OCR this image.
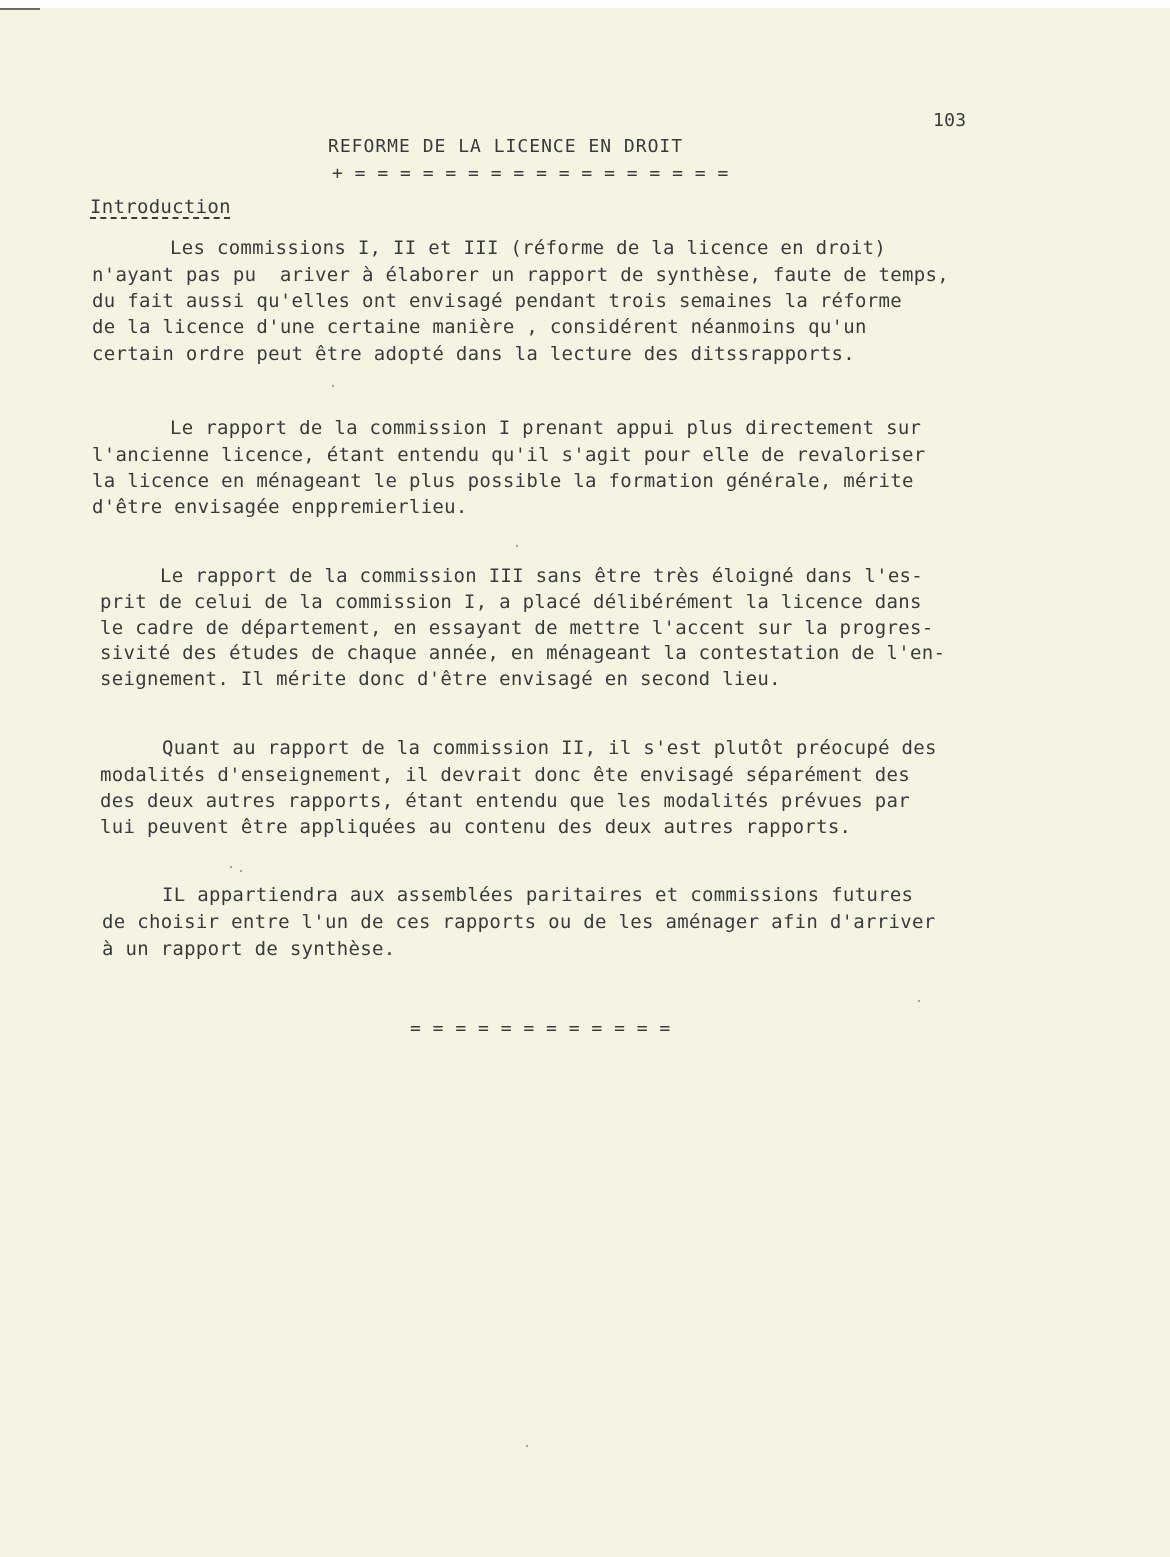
103
REFORME DE LA LICENCE EN DROIT
+ = = = = = = = = = = = = = = = = =
Introduction
Les commissions I, II et III (réforme de la licence en droit)
n'ayant pas pu  ariver à élaborer un rapport de synthèse, faute de temps,
du fait aussi qu'elles ont envisagé pendant trois semaines la réforme
de la licence d'une certaine manière , considérent néanmoins qu'un
certain ordre peut être adopté dans la lecture des ditssrapports.
Le rapport de la commission I prenant appui plus directement sur
l'ancienne licence, étant entendu qu'il s'agit pour elle de revaloriser
la licence en ménageant le plus possible la formation générale, mérite
d'être envisagée enppremierlieu.
Le rapport de la commission III sans être très éloigné dans l'es-
prit de celui de la commission I, a placé délibérément la licence dans
le cadre de département, en essayant de mettre l'accent sur la progres-
sivité des études de chaque année, en ménageant la contestation de l'en-
seignement. Il mérite donc d'être envisagé en second lieu.
Quant au rapport de la commission II, il s'est plutôt préocupé des
modalités d'enseignement, il devrait donc ête envisagé séparément des
des deux autres rapports, étant entendu que les modalités prévues par
lui peuvent être appliquées au contenu des deux autres rapports.
IL appartiendra aux assemblées paritaires et commissions futures
de choisir entre l'un de ces rapports ou de les aménager afin d'arriver
à un rapport de synthèse.
= = = = = = = = = = = =
